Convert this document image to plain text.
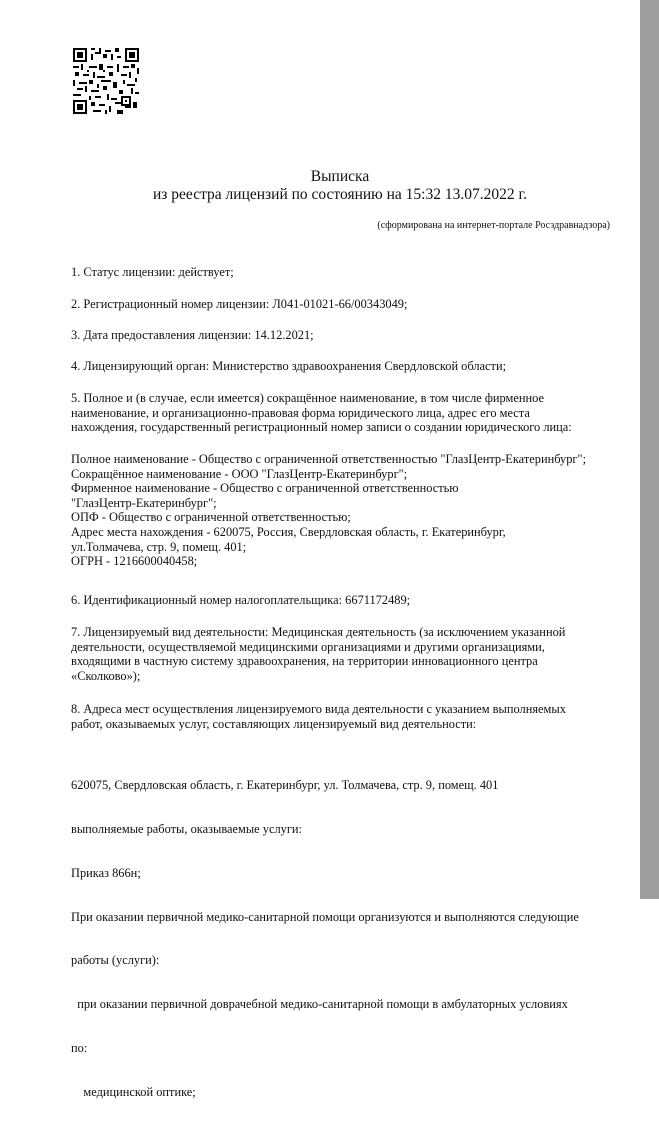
Выписка
из реестра лицензий по состоянию на 15:32 13.07.2022 г.
(сформирована на интернет-портале Росздравнадзора)
1. Статус лицензии: действует;
2. Регистрационный номер лицензии: Л041-01021-66/00343049;
3. Дата предоставления лицензии: 14.12.2021;
4. Лицензирующий орган: Министерство здравоохранения Свердловской области;
5. Полное и (в случае, если имеется) сокращённое наименование, в том числе фирменное
наименование, и организационно-правовая форма юридического лица, адрес его места
нахождения, государственный регистрационный номер записи о создании юридического лица:
Полное наименование - Общество с ограниченной ответственностью "ГлазЦентр-Екатеринбург";
Сокращённое наименование - ООО "ГлазЦентр-Екатеринбург";
Фирменное наименование - Общество с ограниченной ответственностью
"ГлазЦентр-Екатеринбург";
ОПФ - Общество с ограниченной ответственностью;
Адрес места нахождения - 620075, Россия, Свердловская область, г. Екатеринбург,
ул.Толмачева, стр. 9, помещ. 401;
ОГРН - 1216600040458;
6. Идентификационный номер налогоплательщика: 6671172489;
7. Лицензируемый вид деятельности: Медицинская деятельность (за исключением указанной
деятельности, осуществляемой медицинскими организациями и другими организациями,
входящими в частную систему здравоохранения, на территории инновационного центра
«Сколково»);
8. Адреса мест осуществления лицензируемого вида деятельности с указанием выполняемых
работ, оказываемых услуг, составляющих лицензируемый вид деятельности:

620075, Свердловская область, г. Екатеринбург, ул. Толмачева, стр. 9, помещ. 401

выполняемые работы, оказываемые услуги:

Приказ 866н;

При оказании первичной медико-санитарной помощи организуются и выполняются следующие

работы (услуги):

при оказании первичной доврачебной медико-санитарной помощи в амбулаторных условиях

по:

медицинской оптике;
